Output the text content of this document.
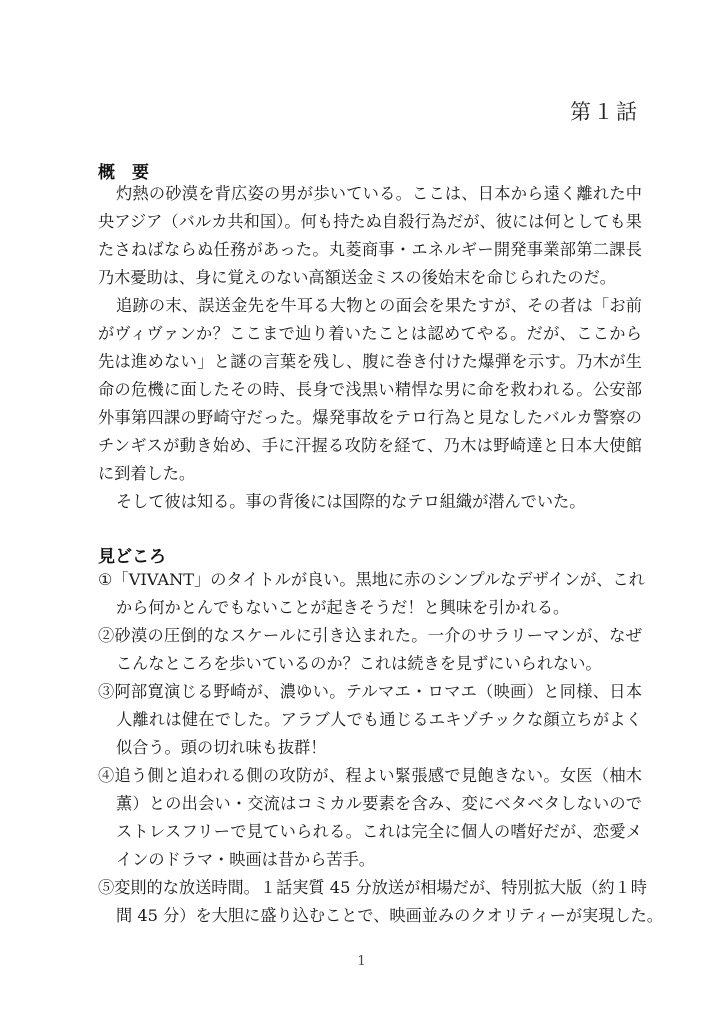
第１話
概　要
灼熱の砂漠を背広姿の男が歩いている。ここは、日本から遠く離れた中
央アジア（バルカ共和国）。何も持たぬ自殺行為だが、彼には何としても果
たさねばならぬ任務があった。丸菱商事・エネルギー開発事業部第二課長
乃木憂助は、身に覚えのない高額送金ミスの後始末を命じられたのだ。
追跡の末、誤送金先を牛耳る大物との面会を果たすが、その者は「お前
がヴィヴァンか？ここまで辿り着いたことは認めてやる。だが、ここから
先は進めない」と謎の言葉を残し、腹に巻き付けた爆弾を示す。乃木が生
命の危機に面したその時、長身で浅黒い精悍な男に命を救われる。公安部
外事第四課の野崎守だった。爆発事故をテロ行為と見なしたバルカ警察の
チンギスが動き始め、手に汗握る攻防を経て、乃木は野崎達と日本大使館
に到着した。
そして彼は知る。事の背後には国際的なテロ組織が潜んでいた。
見どころ
①「VIVANT」のタイトルが良い。黒地に赤のシンプルなデザインが、これ
から何かとんでもないことが起きそうだ！と興味を引かれる。
②砂漠の圧倒的なスケールに引き込まれた。一介のサラリーマンが、なぜ
こんなところを歩いているのか？これは続きを見ずにいられない。
③阿部寛演じる野崎が、濃ゆい。テルマエ・ロマエ（映画）と同様、日本
人離れは健在でした。アラブ人でも通じるエキゾチックな顔立ちがよく
似合う。頭の切れ味も抜群！
④追う側と追われる側の攻防が、程よい緊張感で見飽きない。女医（柚木
薫）との出会い・交流はコミカル要素を含み、変にベタベタしないので
ストレスフリーで見ていられる。これは完全に個人の嗜好だが、恋愛メ
インのドラマ・映画は昔から苦手。
⑤変則的な放送時間。１話実質 45 分放送が相場だが、特別拡大版（約１時
間 45 分）を大胆に盛り込むことで、映画並みのクオリティーが実現した。
1
